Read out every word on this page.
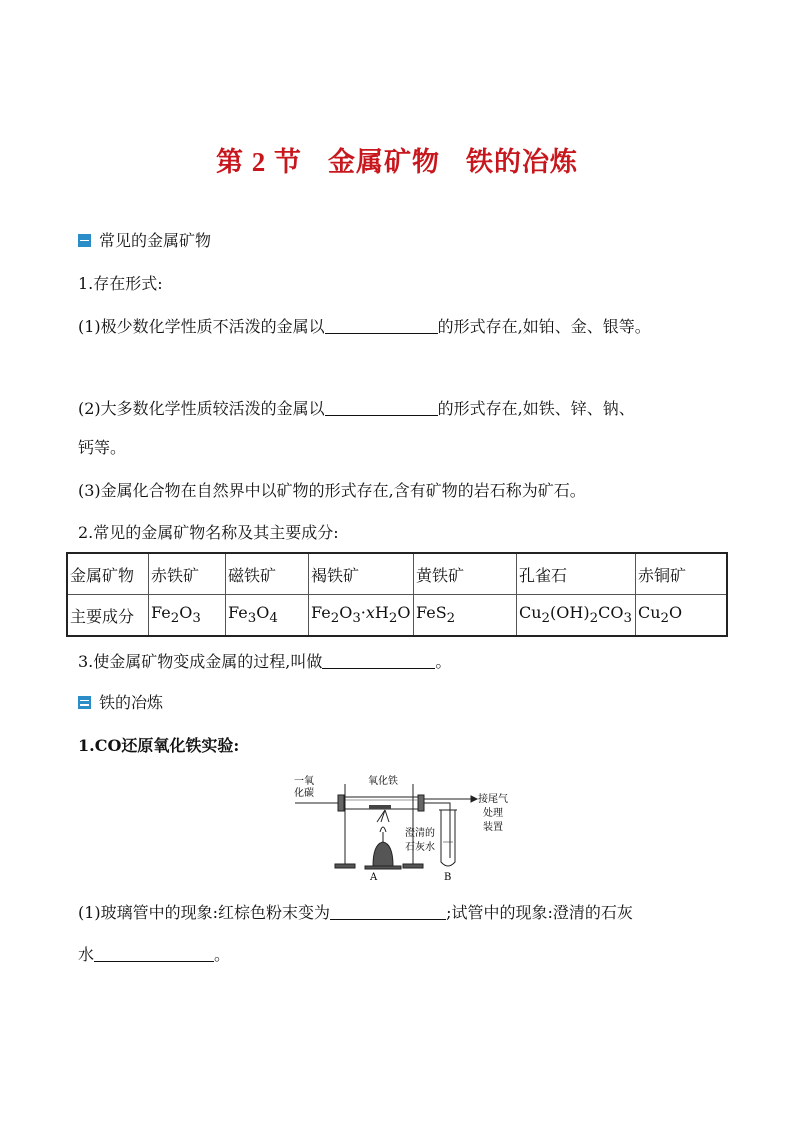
第 2 节 金属矿物 铁的冶炼
常见的金属矿物
1.存在形式:
(1)极少数化学性质不活泼的金属以	的形式存在,如铂、金、银等。
(2)大多数化学性质较活泼的金属以	的形式存在,如铁、锌、钠、
钙等。
(3)金属化合物在自然界中以矿物的形式存在,含有矿物的岩石称为矿石。
2.常见的金属矿物名称及其主要成分:
金属矿物	赤铁矿	磁铁矿	褐铁矿	黄铁矿	孔雀石	赤铜矿
主要成分	$Fe_2O_3$	$Fe_3O_4$	$Fe_2O_3\cdot xH_2O$	FeS$_2$	$Cu_2(OH)_2CO_3$	$Cu_2O$
3.使金属矿物变成金属的过程,叫做	。
铁的冶炼
1.CO还原氧化铁实验:
一氧
化碳
氧化铁
接尾气
处理
装置
澄清的
石灰水
A	B
(1)玻璃管中的现象:红棕色粉末变为	;试管中的现象:澄清的石灰
水	。
